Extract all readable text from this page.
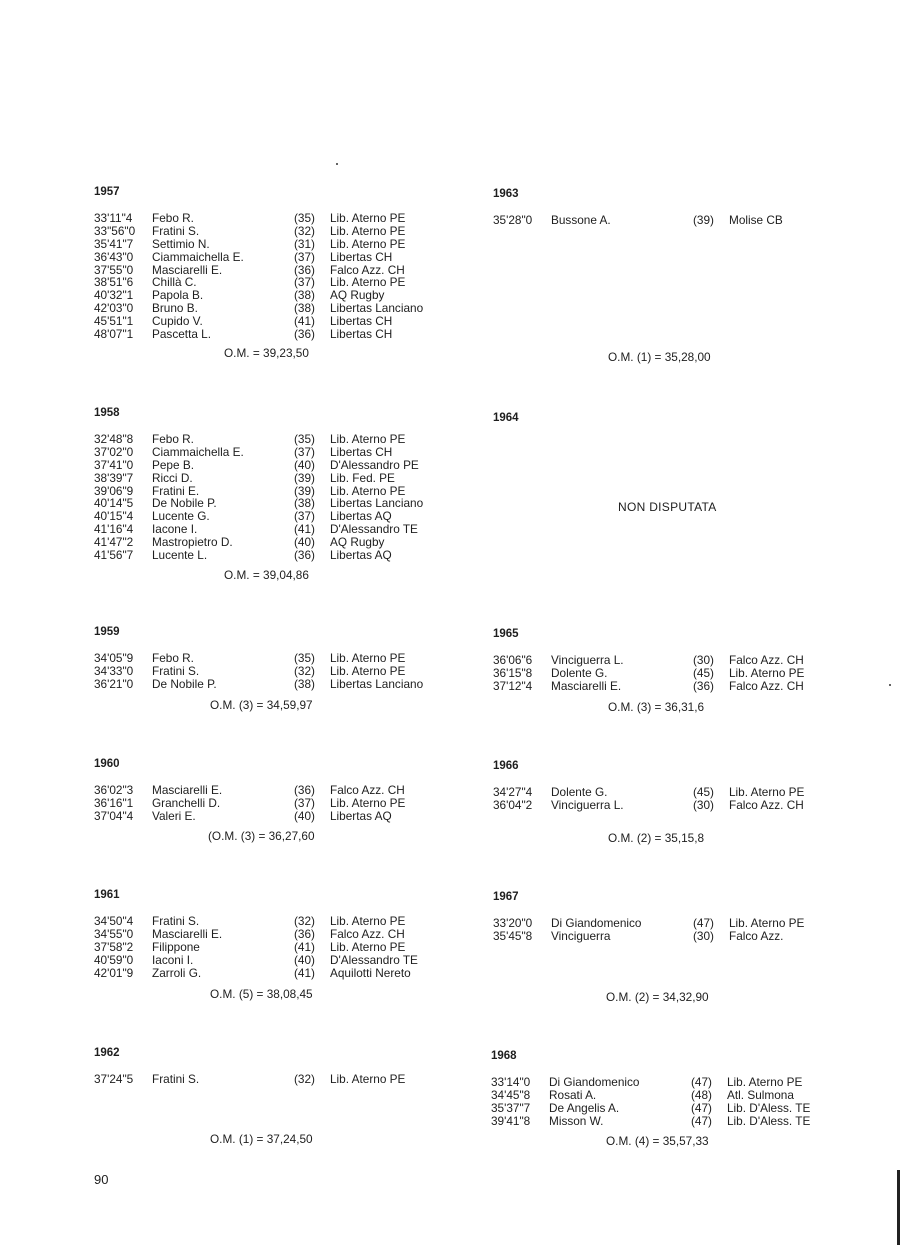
1957
33'11"4 Febo R.	(35) Lib. Aterno PE
33"56"0 Fratini S.	(32) Lib. Aterno PE
35'41"7 Settimio N.	(31) Lib. Aterno PE
36'43"0 Ciammaichella E.	(37) Libertas CH
37'55"0 Masciarelli E.	(36) Falco Azz. CH
38'51"6 Chillà C.	(37) Lib. Aterno PE
40'32"1 Papola B.	(38) AQ Rugby
42'03"0 Bruno B.	(38) Libertas Lanciano
45'51"1 Cupido V.	(41) Libertas CH
48'07"1 Pascetta L.	(36) Libertas CH
O.M. = 39,23,50
1958
32'48"8 Febo R.	(35) Lib. Aterno PE
37'02"0 Ciammaichella E.	(37) Libertas CH
37'41"0 Pepe B.	(40) D'Alessandro PE
38'39"7 Ricci D.	(39) Lib. Fed. PE
39'06"9 Fratini E.	(39) Lib. Aterno PE
40'14"5 De Nobile P.	(38) Libertas Lanciano
40'15"4 Lucente G.	(37) Libertas AQ
41'16"4 Iacone I.	(41) D'Alessandro TE
41'47"2 Mastropietro D.	(40) AQ Rugby
41'56"7 Lucente L.	(36) Libertas AQ
O.M. = 39,04,86
1959
34'05"9 Febo R.	(35) Lib. Aterno PE
34'33"0 Fratini S.	(32) Lib. Aterno PE
36'21"0 De Nobile P.	(38) Libertas Lanciano
O.M. (3) = 34,59,97
1960
36'02"3 Masciarelli E.	(36) Falco Azz. CH
36'16"1 Granchelli D.	(37) Lib. Aterno PE
37'04"4 Valeri E.	(40) Libertas AQ
(O.M. (3) = 36,27,60
1961
34'50"4 Fratini S.	(32) Lib. Aterno PE
34'55"0 Masciarelli E.	(36) Falco Azz. CH
37'58"2 Filippone	(41) Lib. Aterno PE
40'59"0 Iaconi I.	(40) D'Alessandro TE
42'01"9 Zarroli G.	(41) Aquilotti Nereto
O.M. (5) = 38,08,45
1962
37'24"5 Fratini S.	(32) Lib. Aterno PE
O.M. (1) = 37,24,50
1963
35'28"0 Bussone A.	(39) Molise CB
O.M. (1) = 35,28,00
1964
NON DISPUTATA
1965
36'06"6 Vinciguerra L.	(30) Falco Azz. CH
36'15"8 Dolente G.	(45) Lib. Aterno PE
37'12"4 Masciarelli E.	(36) Falco Azz. CH
O.M. (3) = 36,31,6
1966
34'27"4 Dolente G.	(45) Lib. Aterno PE
36'04"2 Vinciguerra L.	(30) Falco Azz. CH
O.M. (2) = 35,15,8
1967
33'20"0 Di Giandomenico	(47) Lib. Aterno PE
35'45"8 Vinciguerra	(30) Falco Azz.
O.M. (2) = 34,32,90
1968
33'14"0 Di Giandomenico	(47) Lib. Aterno PE
34'45"8 Rosati A.	(48) Atl. Sulmona
35'37"7 De Angelis A.	(47) Lib. D'Aless. TE
39'41"8 Misson W.	(47) Lib. D'Aless. TE
O.M. (4) = 35,57,33
90
